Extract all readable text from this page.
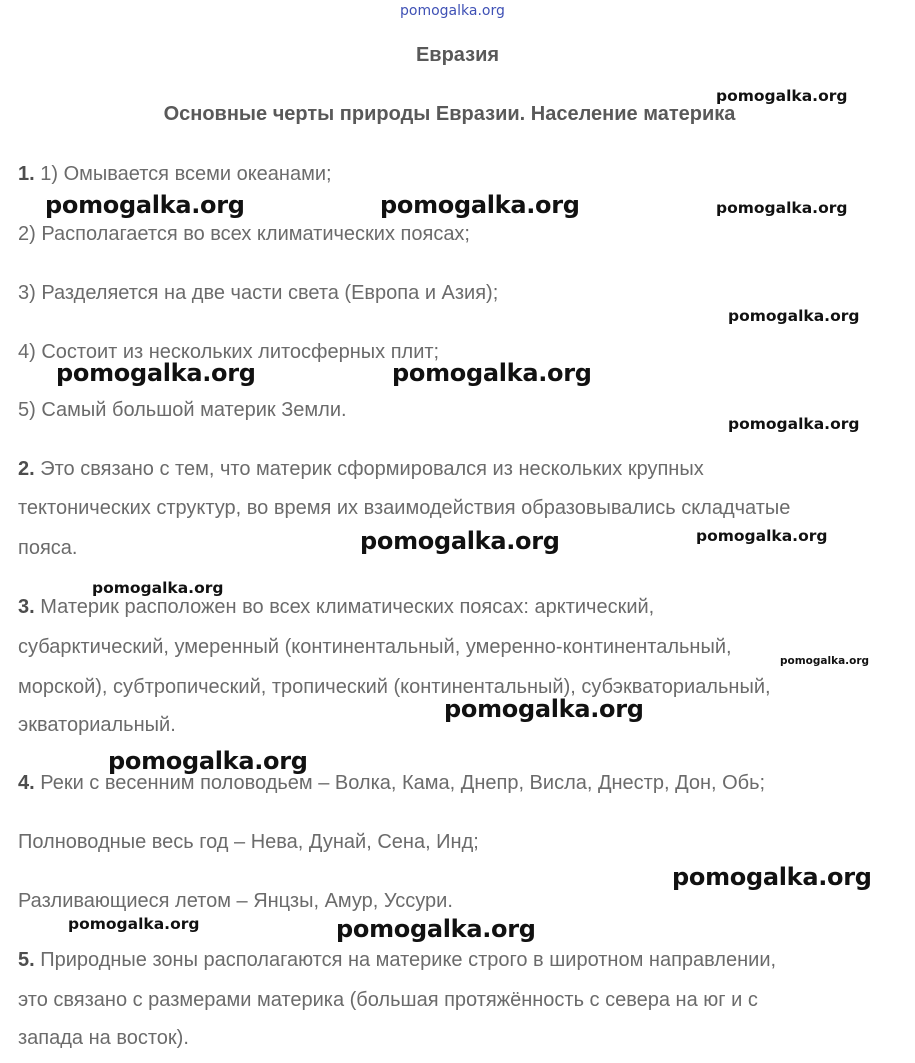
pomogalka.org
Евразия
Основные черты природы Евразии. Население материка
1. 1) Омывается всеми океанами;
2) Располагается во всех климатических поясах;
3) Разделяется на две части света (Европа и Азия);
4) Состоит из нескольких литосферных плит;
5) Самый большой материк Земли.
2. Это связано с тем, что материк сформировался из нескольких крупных
тектонических структур, во время их взаимодействия образовывались складчатые
пояса.
3. Материк расположен во всех климатических поясах: арктический,
субарктический, умеренный (континентальный, умеренно-континентальный,
морской), субтропический, тропический (континентальный), субэкваториальный,
экваториальный.
4. Реки с весенним половодьем – Волка, Кама, Днепр, Висла, Днестр, Дон, Обь;
Полноводные весь год – Нева, Дунай, Сена, Инд;
Разливающиеся летом – Янцзы, Амур, Уссури.
5. Природные зоны располагаются на материке строго в широтном направлении,
это связано с размерами материка (большая протяжённость с севера на юг и с
запада на восток).
pomogalka.org
pomogalka.org	pomogalka.org	pomogalka.org
pomogalka.org
pomogalka.org	pomogalka.org
pomogalka.org
pomogalka.org	pomogalka.org
pomogalka.org
pomogalka.org
pomogalka.org
pomogalka.org
pomogalka.org
pomogalka.org	pomogalka.org
